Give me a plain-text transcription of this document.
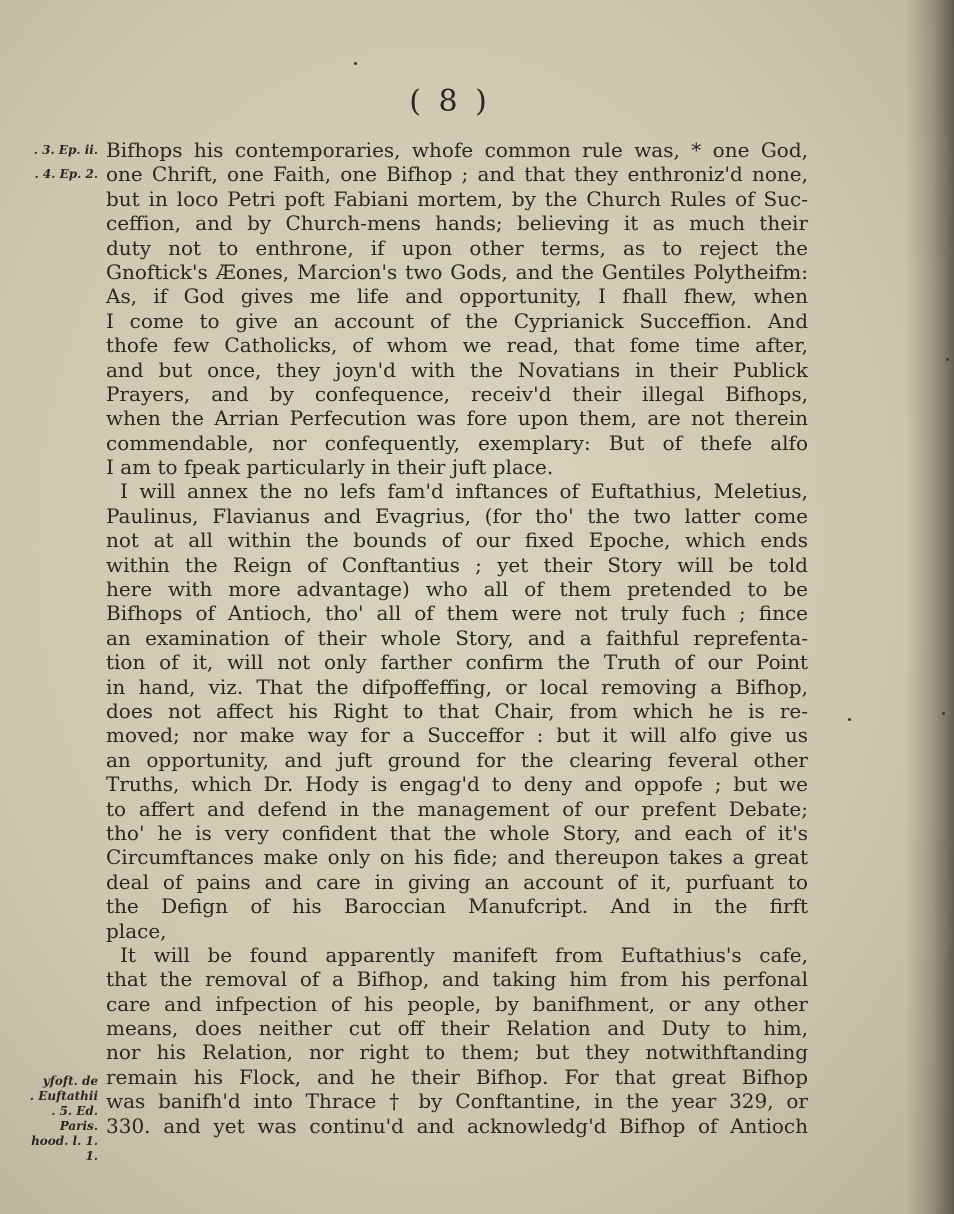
( 8 )
. 3. Ep. ii.
. 4. Ep. 2.
Bifhops his contemporaries, whofe common rule was, * one God,
one Chrift, one Faith, one Bifhop ; and that they enthroniz'd none,
but in loco Petri poft Fabiani mortem, by the Church Rules of Suc-
ceffion, and by Church-mens hands; believing it as much their
duty not to enthrone, if upon other terms, as to reject the
Gnoftick's Æones, Marcion's two Gods, and the Gentiles Polytheifm:
As, if God gives me life and opportunity, I fhall fhew, when
I come to give an account of the Cyprianick Succeffion. And
thofe few Catholicks, of whom we read, that fome time after,
and but once, they joyn'd with the Novatians in their Publick
Prayers, and by confequence, receiv'd their illegal Bifhops,
when the Arrian Perfecution was fore upon them, are not therein
commendable, nor confequently, exemplary: But of thefe alfo
I am to fpeak particularly in their juft place.
I will annex the no lefs fam'd inftances of Euftathius, Meletius,
Paulinus, Flavianus and Evagrius, (for tho' the two latter come
not at all within the bounds of our fixed Epoche, which ends
within the Reign of Conftantius ; yet their Story will be told
here with more advantage) who all of them pretended to be
Bifhops of Antioch, tho' all of them were not truly fuch ; fince
an examination of their whole Story, and a faithful reprefenta-
tion of it, will not only farther confirm the Truth of our Point
in hand, viz. That the difpoffeffing, or local removing a Bifhop,
does not affect his Right to that Chair, from which he is re-
moved; nor make way for a Succeffor : but it will alfo give us
an opportunity, and juft ground for the clearing feveral other
Truths, which Dr. Hody is engag'd to deny and oppofe ; but we
to affert and defend in the management of our prefent Debate;
tho' he is very confident that the whole Story, and each of it's
Circumftances make only on his fide; and thereupon takes a great
deal of pains and care in giving an account of it, purfuant to
the Defign of his Baroccian Manufcript. And in the firft
place,
It will be found apparently manifeft from Euftathius's cafe,
that the removal of a Bifhop, and taking him from his perfonal
care and infpection of his people, by banifhment, or any other
means, does neither cut off their Relation and Duty to him,
nor his Relation, nor right to them; but they notwithftanding
remain his Flock, and he their Bifhop. For that great Bifhop
was banifh'd into Thrace † by Conftantine, in the year 329, or
330. and yet was continu'd and acknowledg'd Bifhop of Antioch
yfoft. de
. Euftathii
. 5. Ed.
Paris.
hood. l. 1.
1.
